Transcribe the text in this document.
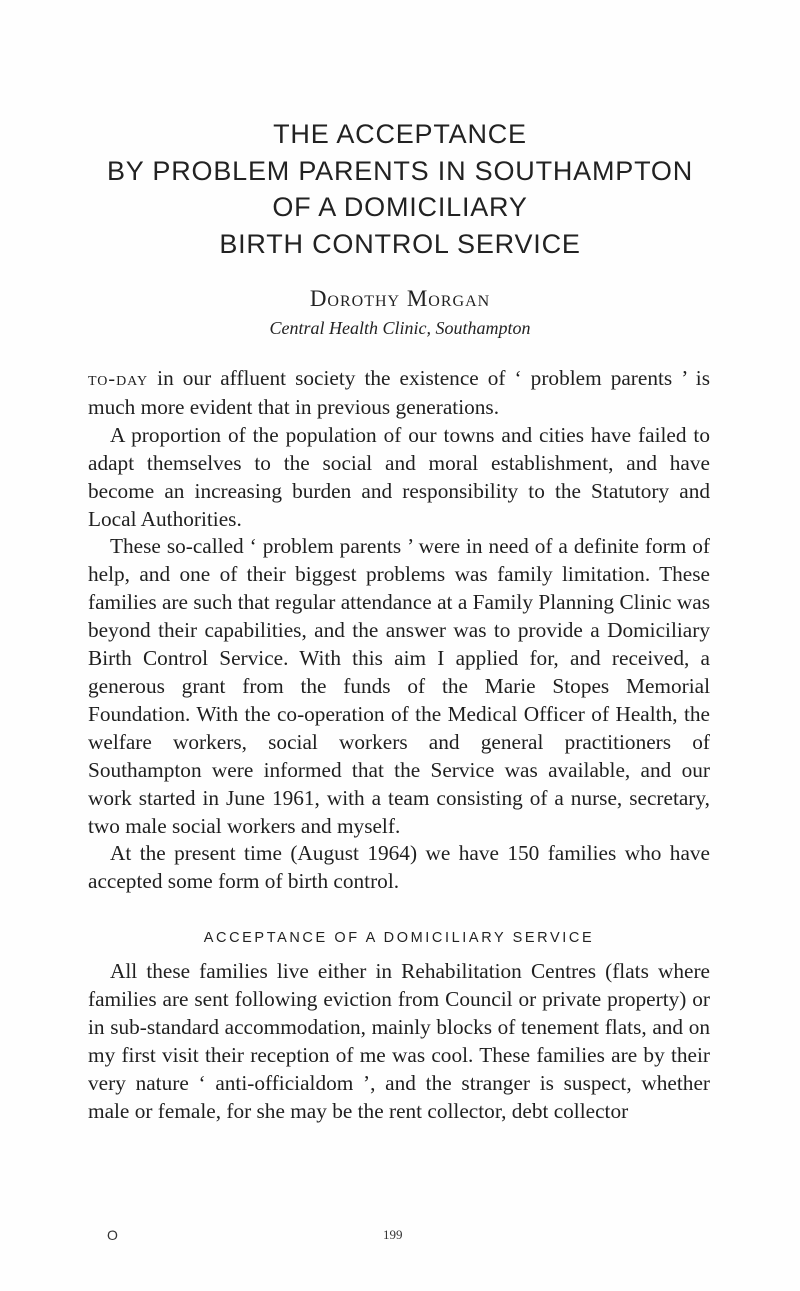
THE ACCEPTANCE
BY PROBLEM PARENTS IN SOUTHAMPTON
OF A DOMICILIARY
BIRTH CONTROL SERVICE
Dorothy Morgan
Central Health Clinic, Southampton

to-day in our affluent society the existence of ‘ problem parents ’ is much more evident that in previous generations.

A proportion of the population of our towns and cities have failed to adapt themselves to the social and moral establishment, and have become an increasing burden and responsibility to the Statutory and Local Authorities.

These so-called ‘ problem parents ’ were in need of a definite form of help, and one of their biggest problems was family limitation. These families are such that regular attendance at a Family Planning Clinic was beyond their capabilities, and the answer was to provide a Domiciliary Birth Control Service. With this aim I applied for, and received, a generous grant from the funds of the Marie Stopes Memorial Foundation. With the co-operation of the Medical Officer of Health, the welfare workers, social workers and general practitioners of Southampton were informed that the Service was available, and our work started in June 1961, with a team consisting of a nurse, secretary, two male social workers and myself.

At the present time (August 1964) we have 150 families who have accepted some form of birth control.

ACCEPTANCE OF A DOMICILIARY SERVICE

All these families live either in Rehabilitation Centres (flats where families are sent following eviction from Council or private property) or in sub-standard accommodation, mainly blocks of tenement flats, and on my first visit their reception of me was cool. These families are by their very nature ‘ anti-officialdom ’, and the stranger is suspect, whether male or female, for she may be the rent collector, debt collector

O	199
